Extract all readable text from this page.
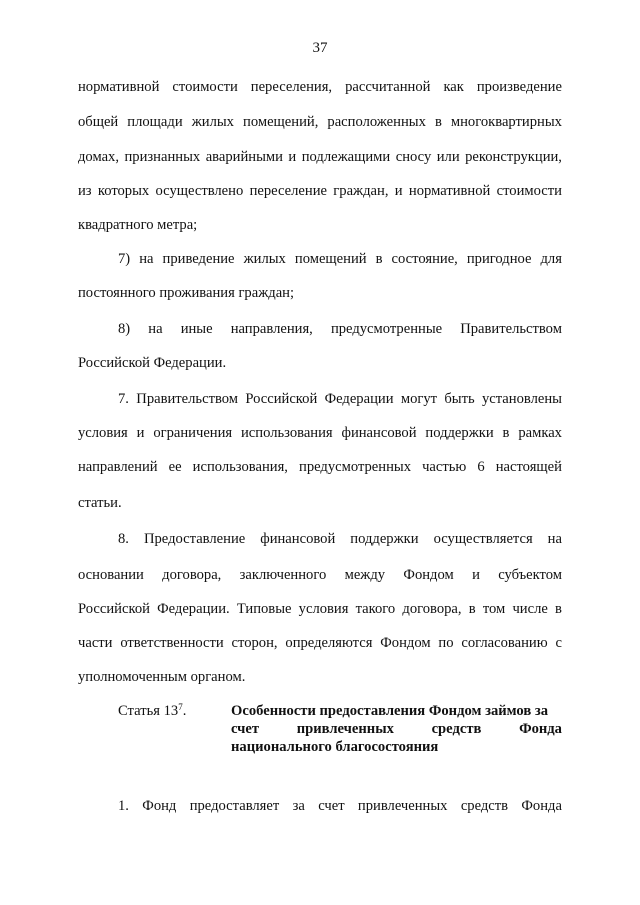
37
нормативной стоимости переселения, рассчитанной как произведение
общей площади жилых помещений, расположенных в многоквартирных
домах, признанных аварийными и подлежащими сносу или реконструкции,
из которых осуществлено переселение граждан, и нормативной стоимости
квадратного метра;
7) на приведение жилых помещений в состояние, пригодное для
постоянного проживания граждан;
8) на иные направления, предусмотренные Правительством
Российской Федерации.
7. Правительством Российской Федерации могут быть установлены
условия и ограничения использования финансовой поддержки в рамках
направлений ее использования, предусмотренных частью 6 настоящей
статьи.
8. Предоставление финансовой поддержки осуществляется на
основании договора, заключенного между Фондом и субъектом
Российской Федерации. Типовые условия такого договора, в том числе в
части ответственности сторон, определяются Фондом по согласованию с
уполномоченным органом.
1. Фонд предоставляет за счет привлеченных средств Фонда
Статья $13^7$.	Особенности предоставления Фондом займов за
счет	привлеченных	средств	Фонда
национального благосостояния
